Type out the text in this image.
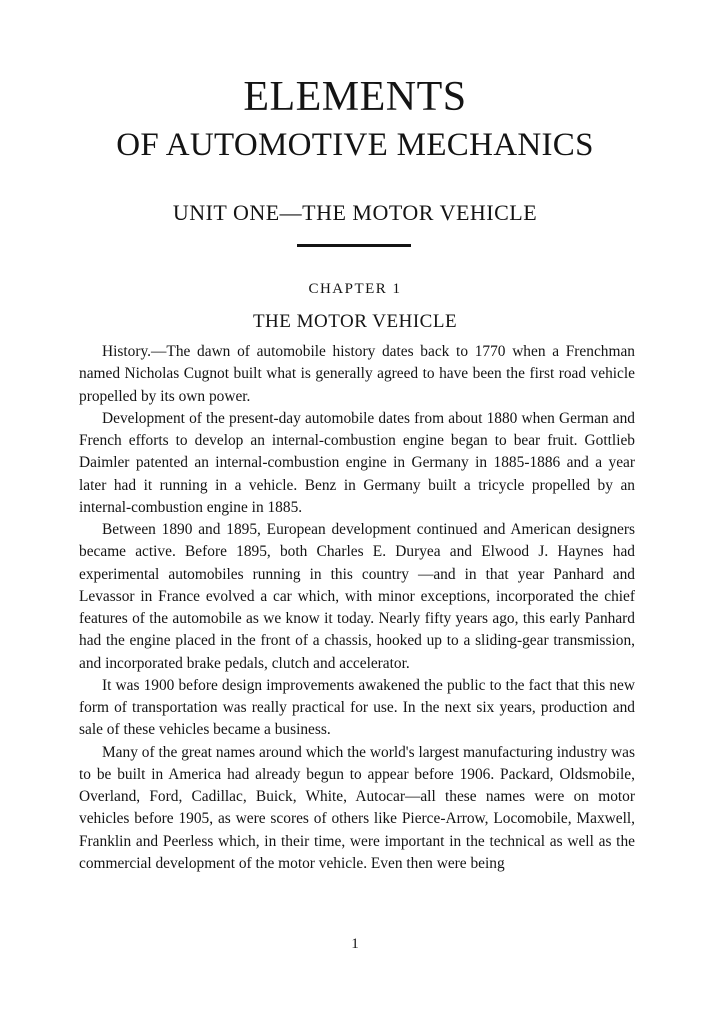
ELEMENTS
OF AUTOMOTIVE MECHANICS
UNIT ONE—THE MOTOR VEHICLE
CHAPTER 1
THE MOTOR VEHICLE

History.—The dawn of automobile history dates back to 1770 when a Frenchman named Nicholas Cugnot built what is generally agreed to have been the first road vehicle propelled by its own power.

Development of the present-day automobile dates from about 1880 when German and French efforts to develop an internal-combustion engine began to bear fruit. Gottlieb Daimler patented an internal-combustion engine in Germany in 1885-1886 and a year later had it running in a vehicle. Benz in Germany built a tricycle propelled by an internal-combustion engine in 1885.

Between 1890 and 1895, European development continued and American designers became active. Before 1895, both Charles E. Duryea and Elwood J. Haynes had experimental automobiles running in this country —and in that year Panhard and Levassor in France evolved a car which, with minor exceptions, incorporated the chief features of the automobile as we know it today. Nearly fifty years ago, this early Panhard had the engine placed in the front of a chassis, hooked up to a sliding-gear transmission, and incorporated brake pedals, clutch and accelerator.

It was 1900 before design improvements awakened the public to the fact that this new form of transportation was really practical for use. In the next six years, production and sale of these vehicles became a business.

Many of the great names around which the world's largest manufacturing industry was to be built in America had already begun to appear before 1906. Packard, Oldsmobile, Overland, Ford, Cadillac, Buick, White, Autocar—all these names were on motor vehicles before 1905, as were scores of others like Pierce-Arrow, Locomobile, Maxwell, Franklin and Peerless which, in their time, were important in the technical as well as the commercial development of the motor vehicle. Even then were being

1
